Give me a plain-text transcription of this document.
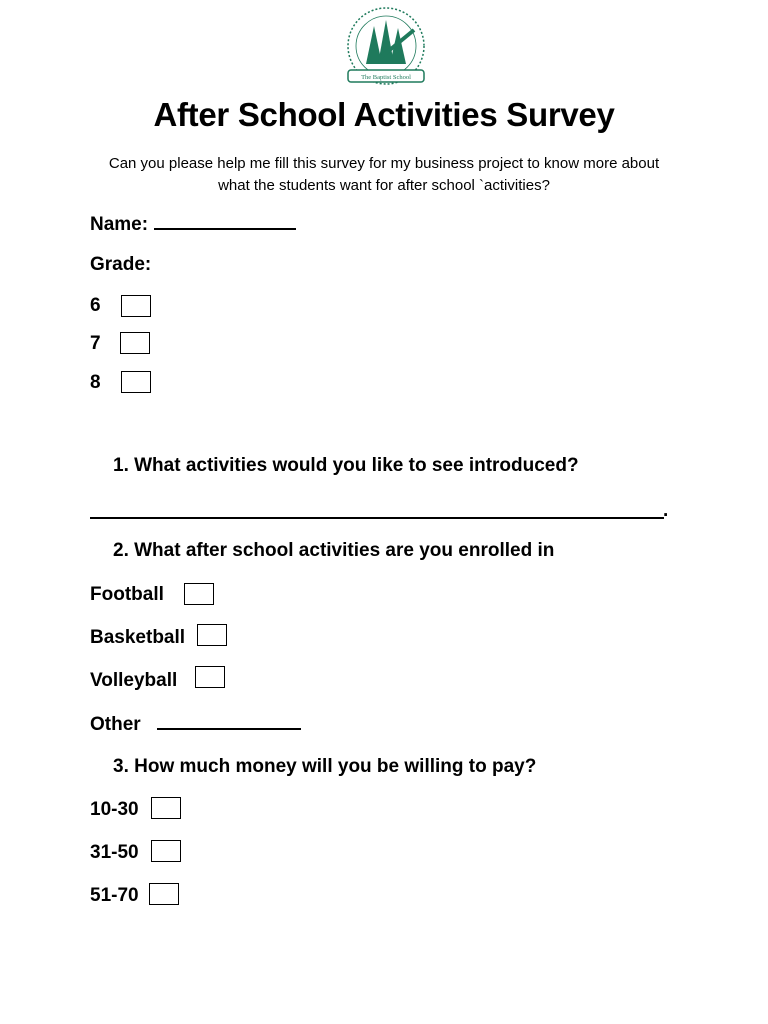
The Baptist School
After School Activities Survey
Can you please help me fill this survey for my business project to know more about what the students want for after school `activities?
Name:
Grade:
6
7
8
1. What activities would you like to see introduced?
.
2. What after school activities are you enrolled in
Football
Basketball
Volleyball
Other
3. How much money will you be willing to pay?
10-30
31-50
51-70
